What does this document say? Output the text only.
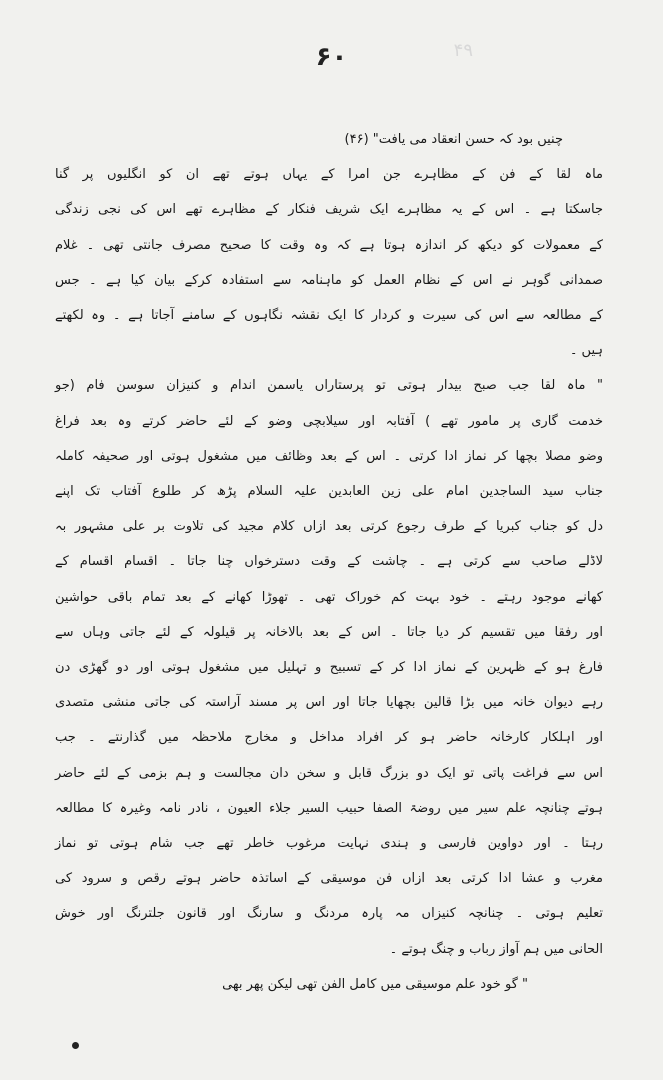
۴۹
۶۰
چنیں بود کہ حسن انعقاد می یافت" (۴۶)
ماہ لقا کے فن کے مظاہرے جن امرا کے یہاں ہوتے تھے ان کو انگلیوں پر گنا
جاسکتا ہے ۔ اس کے یہ مظاہرے ایک شریف فنکار کے مظاہرے تھے اس کی نجی زندگی
کے معمولات کو دیکھ کر اندازہ ہوتا ہے کہ وہ وقت کا صحیح مصرف جانتی تھی ۔ غلام
صمدانی گوہر نے اس کے نظام العمل کو ماہنامہ سے استفادہ کرکے بیان کیا ہے ۔ جس
کے مطالعہ سے اس کی سیرت و کردار کا ایک نقشہ نگاہوں کے سامنے آجاتا ہے ۔ وہ لکھتے
ہیں ۔
" ماہ لقا جب صبح بیدار ہوتی تو پرستاراں یاسمن اندام و کنیزان سوسن فام (جو
خدمت گاری پر مامور تھے ) آفتابہ اور سیلابچی وضو کے لئے حاضر کرتے وہ بعد فراغ
وضو مصلا بچھا کر نماز ادا کرتی ۔ اس کے بعد وظائف میں مشغول ہوتی اور صحیفہ کاملہ
جناب سید الساجدین امام علی زین العابدین علیہ السلام پڑھ کر طلوع آفتاب تک اپنے
دل کو جناب کبریا کے طرف رجوع کرتی بعد ازاں کلام مجید کی تلاوت بر علی مشہور بہ
لاڈلے صاحب سے کرتی ہے ۔ چاشت کے وقت دسترخواں چنا جاتا ۔ اقسام اقسام کے
کھانے موجود رہتے ۔ خود بہت کم خوراک تھی ۔ تھوڑا کھانے کے بعد تمام باقی حواشین
اور رفقا میں تقسیم کر دیا جاتا ۔ اس کے بعد بالاخانہ پر قیلولہ کے لئے جاتی وہاں سے
فارغ ہو کے ظہرین کے نماز ادا کر کے تسبیح و تہلیل میں مشغول ہوتی اور دو گھڑی دن
رہے دیوان خانہ میں بڑا قالین بچھایا جاتا اور اس پر مسند آراستہ کی جاتی منشی متصدی
اور اہلکار کارخانہ حاضر ہو کر افراد مداخل و مخارج ملاحظہ میں گذارنتے ۔ جب
اس سے فراغت پاتی تو ایک دو بزرگ قابل و سخن دان مجالست و ہم بزمی کے لئے حاضر
ہوتے چنانچہ علم سیر میں روضۃ الصفا حبیب السیر جلاء العیون ، نادر نامہ وغیرہ کا مطالعہ
رہتا ۔ اور دواوین فارسی و ہندی نہایت مرغوب خاطر تھے جب شام ہوتی تو نماز
مغرب و عشا ادا کرتی بعد ازاں فن موسیقی کے اساتذہ حاضر ہوتے رقص و سرود کی
تعلیم ہوتی ۔ چنانچہ کنیزاں مہ پارہ مردنگ و سارنگ اور قانون جلترنگ اور خوش
الحانی میں ہم آواز رباب و چنگ ہوتے ۔
" گو خود علم موسیقی میں کامل الفن تھی لیکن پھر بھی
